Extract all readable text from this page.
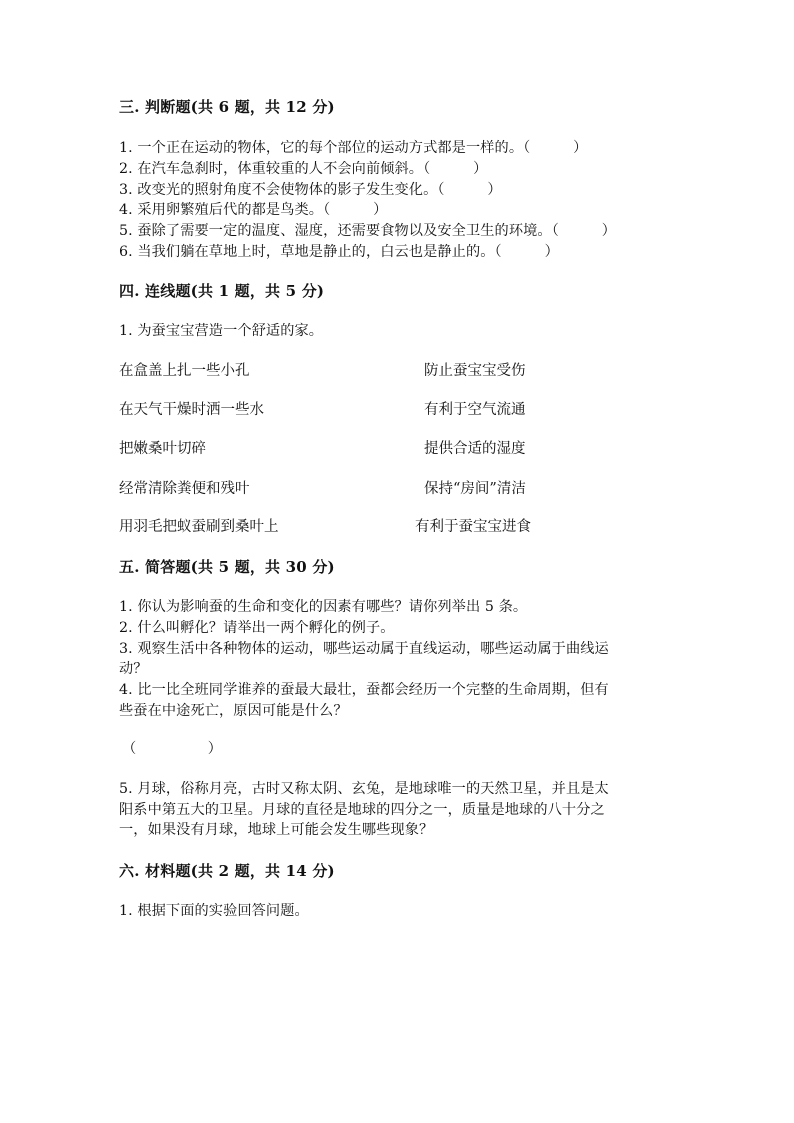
三. 判断题(共 6 题，共 12 分)
1. 一个正在运动的物体，它的每个部位的运动方式都是一样的。（　　　）
2. 在汽车急刹时，体重较重的人不会向前倾斜。（　　　）
3. 改变光的照射角度不会使物体的影子发生变化。（　　　）
4. 采用卵繁殖后代的都是鸟类。（　　　）
5. 蚕除了需要一定的温度、湿度，还需要食物以及安全卫生的环境。（　　　）
6. 当我们躺在草地上时，草地是静止的，白云也是静止的。（　　　）
四. 连线题(共 1 题，共 5 分)
1. 为蚕宝宝营造一个舒适的家。
在盒盖上扎一些小孔	防止蚕宝宝受伤
在天气干燥时洒一些水	有利于空气流通
把嫩桑叶切碎	提供合适的湿度
经常清除粪便和残叶	保持“房间”清洁
用羽毛把蚁蚕刷到桑叶上	有利于蚕宝宝进食
五. 简答题(共 5 题，共 30 分)
1. 你认为影响蚕的生命和变化的因素有哪些？请你列举出 5 条。
2. 什么叫孵化？请举出一两个孵化的例子。
3. 观察生活中各种物体的运动，哪些运动属于直线运动，哪些运动属于曲线运
动？
4. 比一比全班同学谁养的蚕最大最壮，蚕都会经历一个完整的生命周期，但有
些蚕在中途死亡，原因可能是什么？
（　　　　　）
5. 月球，俗称月亮，古时又称太阴、玄兔，是地球唯一的天然卫星，并且是太
阳系中第五大的卫星。月球的直径是地球的四分之一，质量是地球的八十分之
一，如果没有月球，地球上可能会发生哪些现象？
六. 材料题(共 2 题，共 14 分)
1. 根据下面的实验回答问题。
